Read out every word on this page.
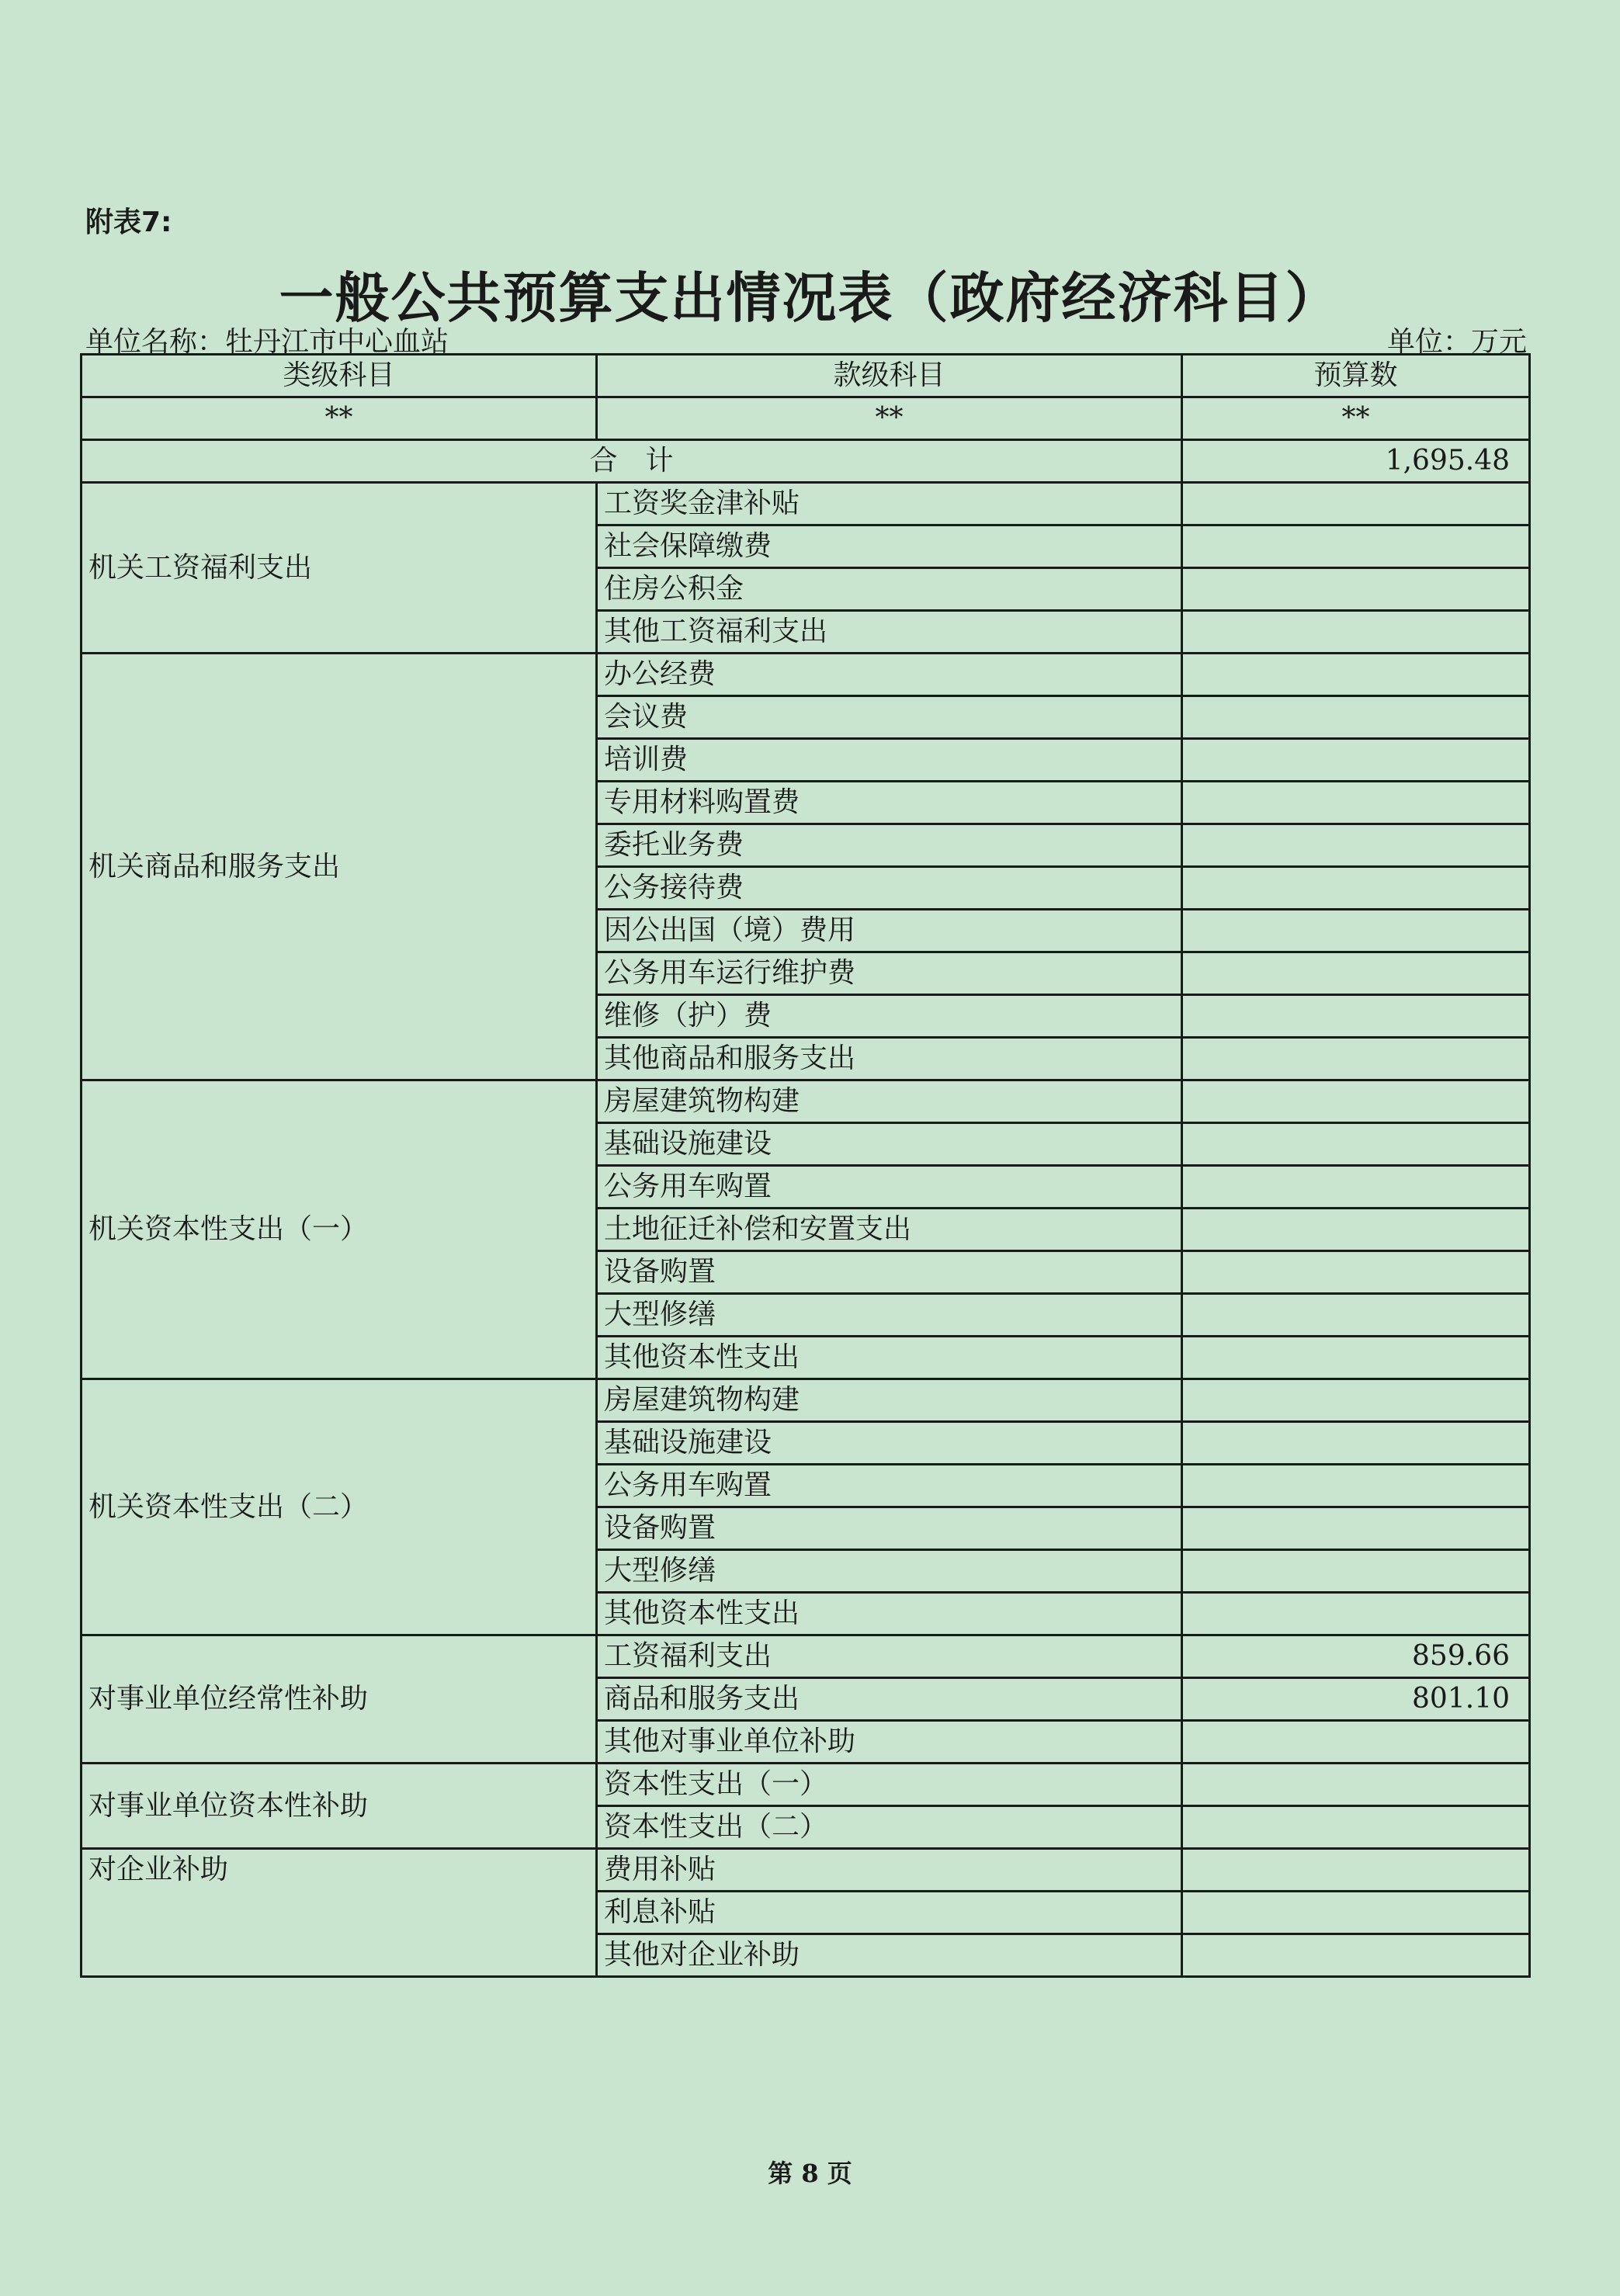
附表7:
一般公共预算支出情况表（政府经济科目）
单位名称：牡丹江市中心血站	单位：万元
类级科目	款级科目	预算数
**	**	**
合　计		1,695.48
机关工资福利支出	工资奖金津补贴	
	社会保障缴费	
	住房公积金	
	其他工资福利支出	
机关商品和服务支出	办公经费	
	会议费	
	培训费	
	专用材料购置费	
	委托业务费	
	公务接待费	
	因公出国（境）费用	
	公务用车运行维护费	
	维修（护）费	
	其他商品和服务支出	
机关资本性支出（一）	房屋建筑物构建	
	基础设施建设	
	公务用车购置	
	土地征迁补偿和安置支出	
	设备购置	
	大型修缮	
	其他资本性支出	
机关资本性支出（二）	房屋建筑物构建	
	基础设施建设	
	公务用车购置	
	设备购置	
	大型修缮	
	其他资本性支出	
对事业单位经常性补助	工资福利支出	859.66
	商品和服务支出	801.10
	其他对事业单位补助	
对事业单位资本性补助	资本性支出（一）	
	资本性支出（二）	
对企业补助	费用补贴	
	利息补贴	
	其他对企业补助	
第 8 页
